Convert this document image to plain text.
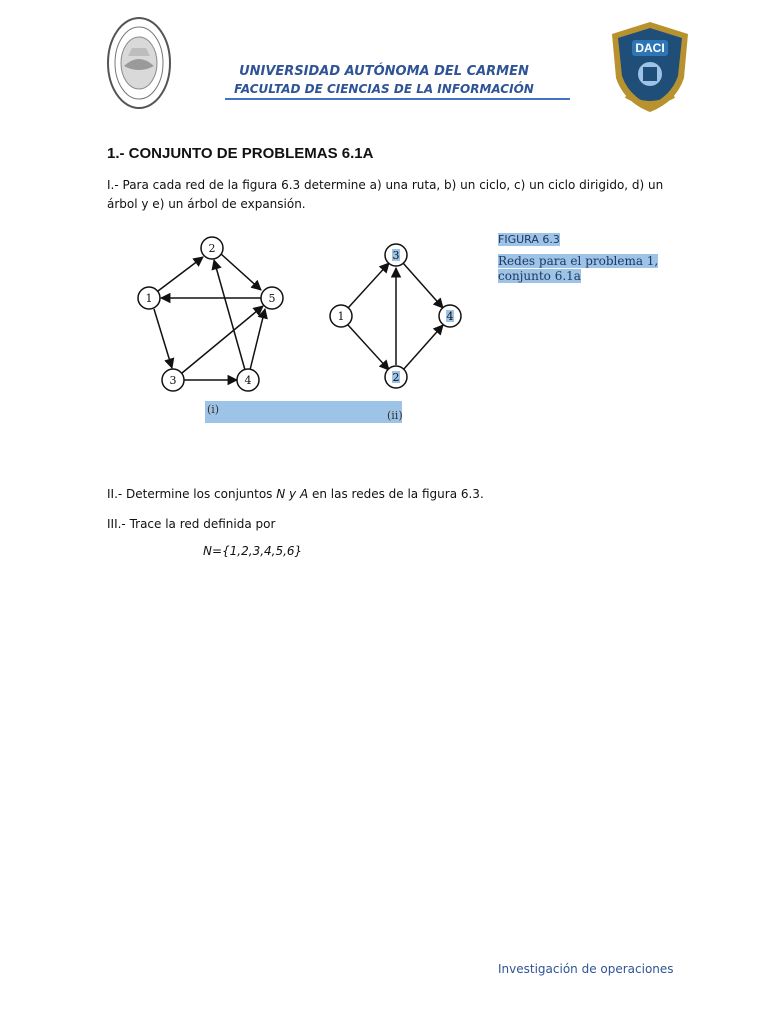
DACI
UNIVERSIDAD AUTÓNOMA DEL CARMEN
FACULTAD DE CIENCIAS DE LA INFORMACIÓN
1.- CONJUNTO DE PROBLEMAS 6.1A
I.- Para cada red de la figura 6.3 determine a) una ruta, b) un ciclo, c) un ciclo dirigido, d) un árbol y e) un árbol de expansión.
1
2
3	4
5
1
2
3
4
(i)	(ii)
FIGURA 6.3
Redes para el problema 1,
conjunto 6.1a
II.- Determine los conjuntos N y A en las redes de la figura 6.3.
III.- Trace la red definida por
N={1,2,3,4,5,6}
Investigación de operaciones
